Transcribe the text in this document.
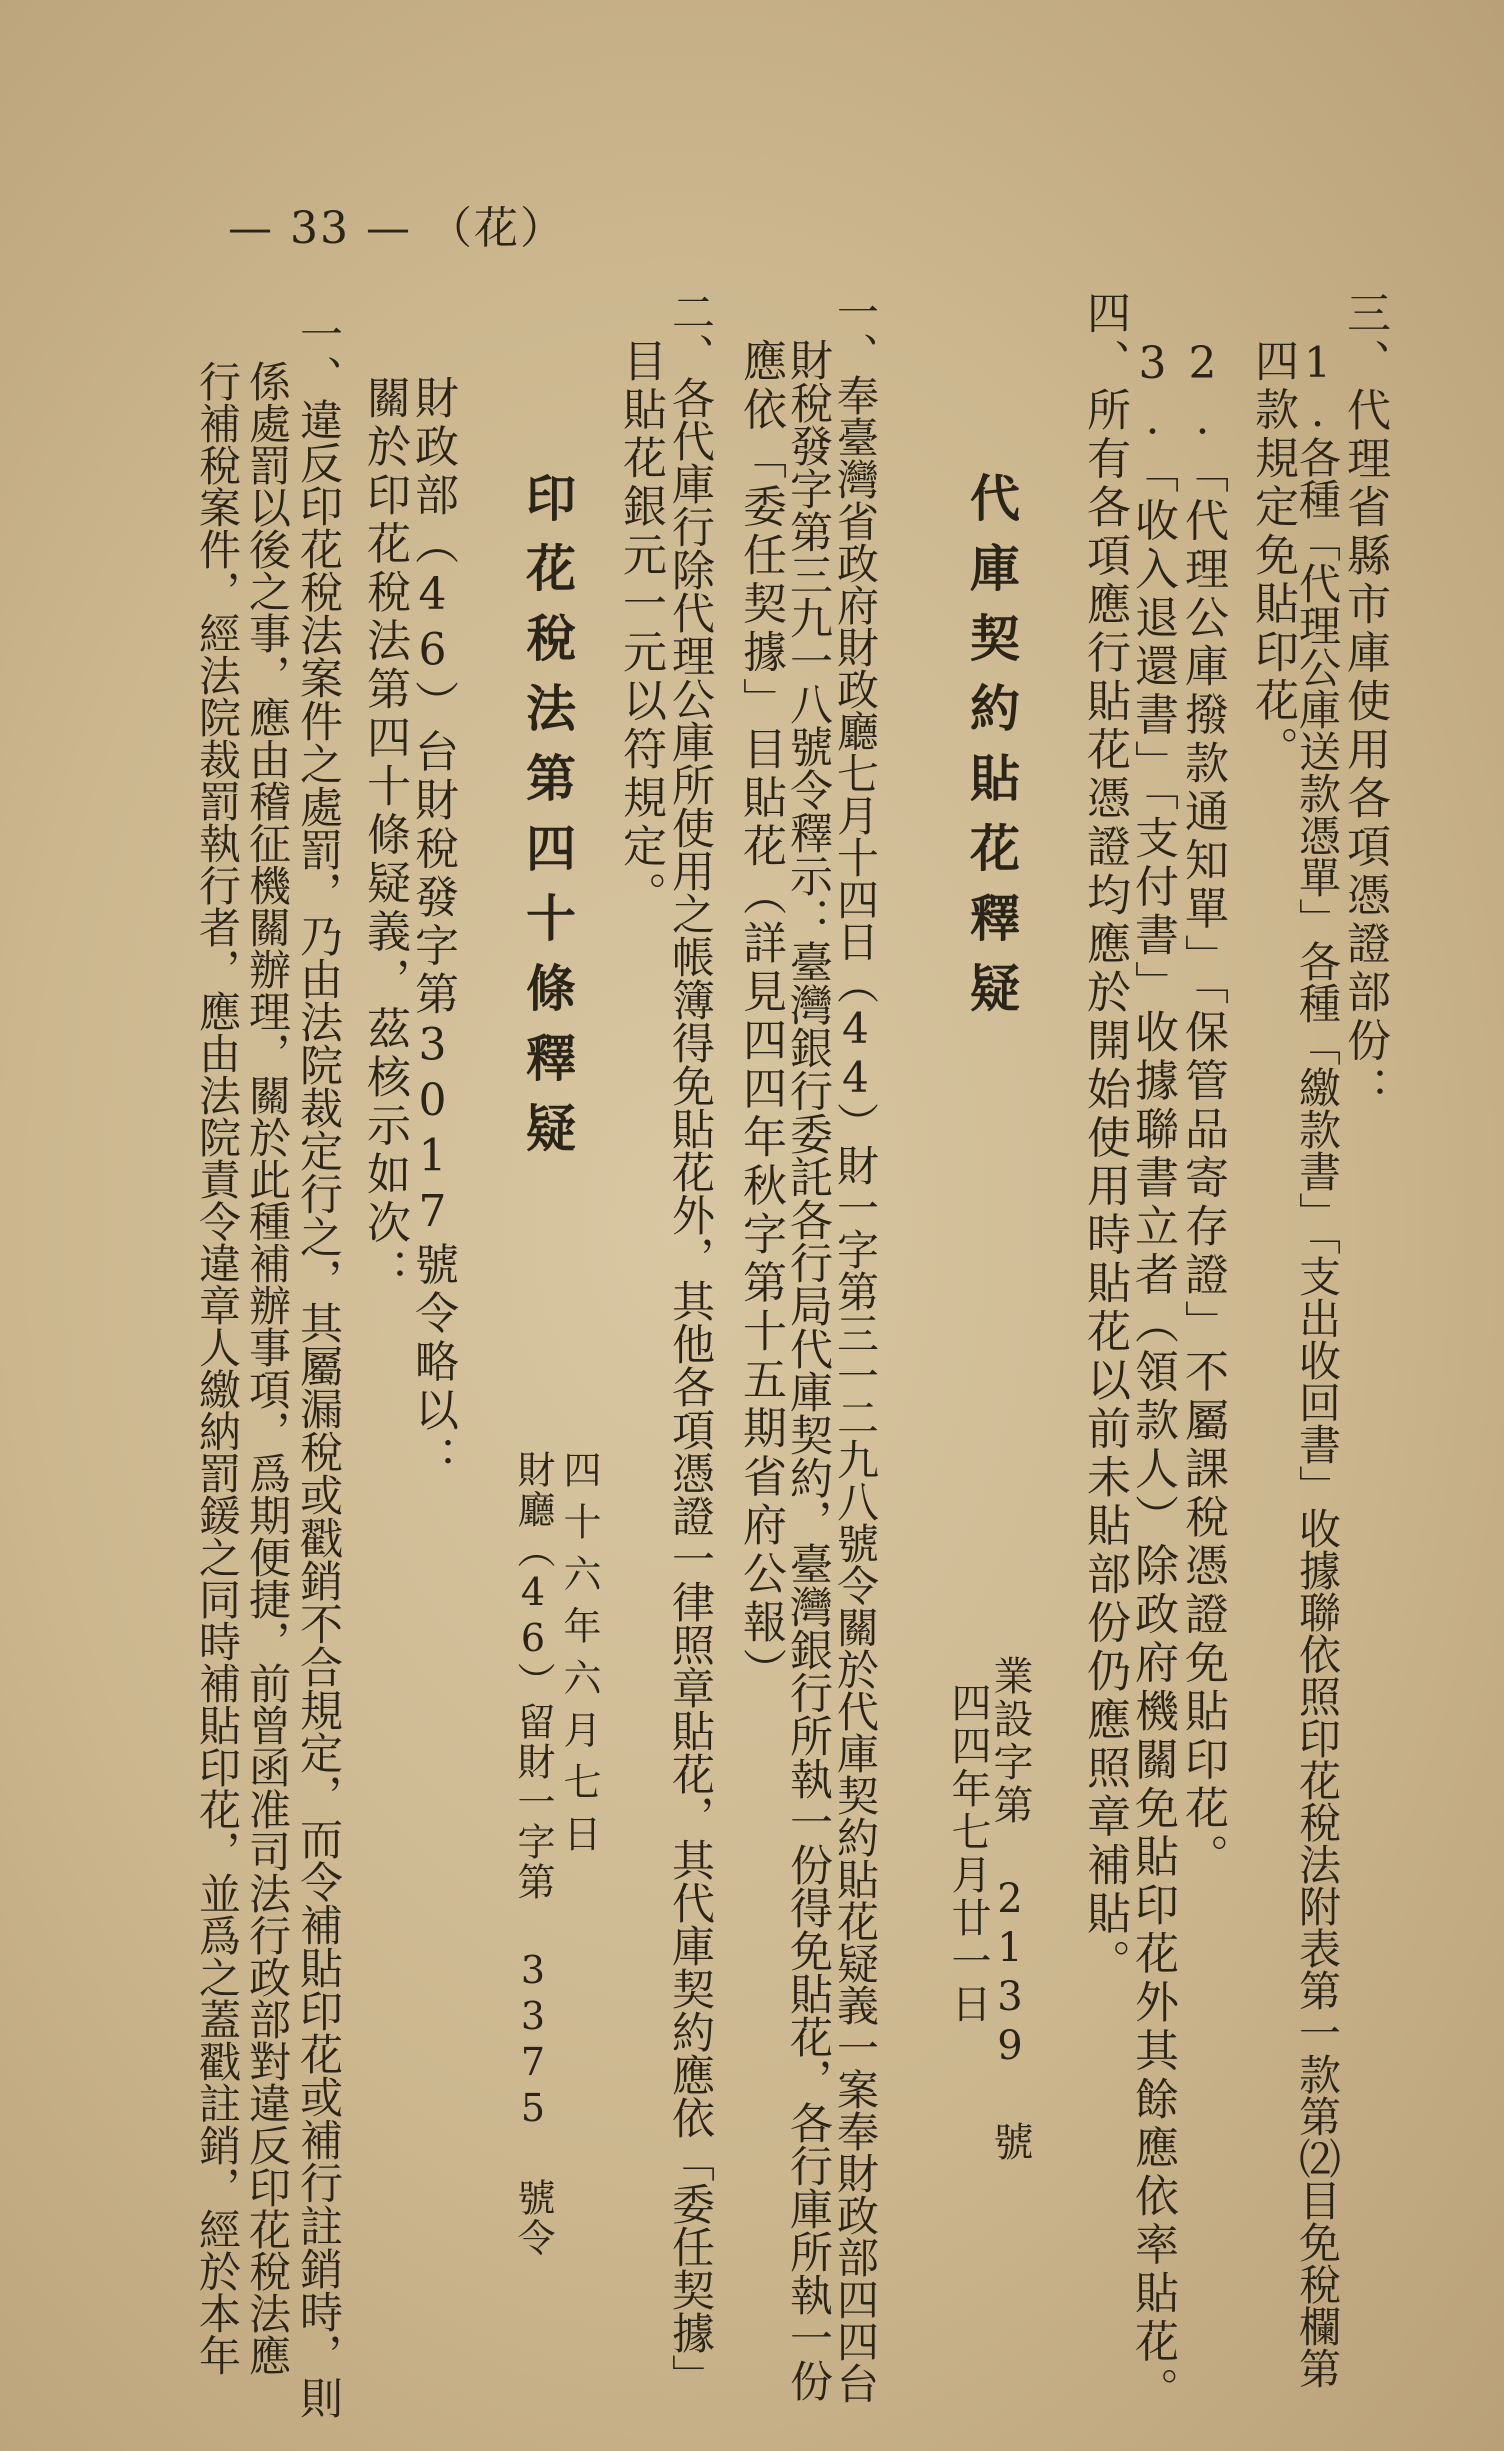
— 33 — （花）
三、代理省縣市庫使用各項憑證部份：
1.各種「代理公庫送款憑單」各種「繳款書」「支出收回書」收據聯依照印花稅法附表第一款第⑵目免稅欄第
四款規定免貼印花。
2.「代理公庫撥款通知單」「保管品寄存證」不屬課稅憑證免貼印花。
3.「收入退還書」「支付書」收據聯書立者（領款人）除政府機關免貼印花外其餘應依率貼花。
四、所有各項應行貼花憑證均應於開始使用時貼花以前未貼部份仍應照章補貼。
代庫契約貼花釋疑
業設字第 2139 號
四四年七月廿一日
一、奉臺灣省政府財政廳七月十四日（44）財一字第三一二九八號令關於代庫契約貼花疑義一案奉財政部四四台
財稅發字第三九一八號令釋示：臺灣銀行委託各行局代庫契約，臺灣銀行所執一份得免貼花，各行庫所執一份
應依「委任契據」目貼花（詳見四四年秋字第十五期省府公報）
二、各代庫行除代理公庫所使用之帳簿得免貼花外，其他各項憑證一律照章貼花，其代庫契約應依「委任契據」
目貼花銀元一元以符規定。
四十六年六月七日
財廳（46）留財一字第 3375 號令
印花稅法第四十條釋疑
財政部（46）台財稅發字第3017號令略以：
關於印花稅法第四十條疑義，茲核示如次：
一、違反印花稅法案件之處罰，乃由法院裁定行之，其屬漏稅或戳銷不合規定，而令補貼印花或補行註銷時，則
係處罰以後之事，應由稽征機關辦理，關於此種補辦事項，爲期便捷，前曾函准司法行政部對違反印花稅法應
行補稅案件，經法院裁罰執行者，應由法院責令違章人繳納罰鍰之同時補貼印花，並爲之蓋戳註銷，經於本年
